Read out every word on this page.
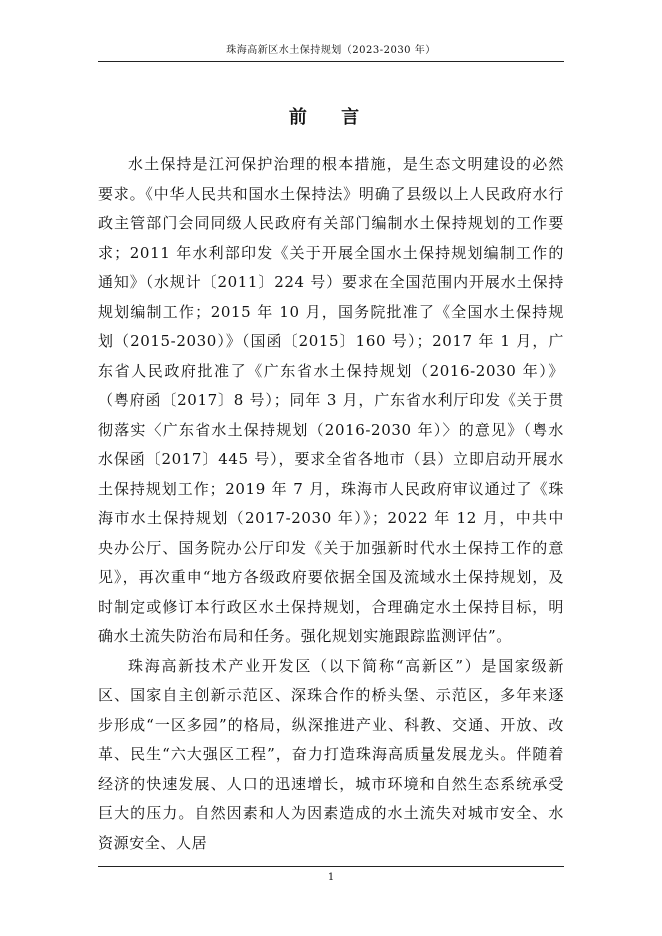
珠海高新区水土保持规划（2023-2030 年）
前 言

水土保持是江河保护治理的根本措施，是生态文明建设的必然要求。《中华人民共和国水土保持法》明确了县级以上人民政府水行政主管部门会同同级人民政府有关部门编制水土保持规划的工作要求；2011 年水利部印发《关于开展全国水土保持规划编制工作的通知》（水规计〔2011〕224 号）要求在全国范围内开展水土保持规划编制工作；2015 年 10 月，国务院批准了《全国水土保持规划（2015-2030）》（国函〔2015〕160 号）；2017 年 1 月，广东省人民政府批准了《广东省水土保持规划（2016-2030 年）》（粤府函〔2017〕8 号）；同年 3 月，广东省水利厅印发《关于贯彻落实〈广东省水土保持规划（2016-2030 年）〉的意见》（粤水水保函〔2017〕445 号），要求全省各地市（县）立即启动开展水土保持规划工作；2019 年 7 月，珠海市人民政府审议通过了《珠海市水土保持规划（2017-2030 年）》；2022 年 12 月，中共中央办公厅、国务院办公厅印发《关于加强新时代水土保持工作的意见》，再次重申“地方各级政府要依据全国及流域水土保持规划，及时制定或修订本行政区水土保持规划，合理确定水土保持目标，明确水土流失防治布局和任务。强化规划实施跟踪监测评估”。

珠海高新技术产业开发区（以下简称“高新区”）是国家级新区、国家自主创新示范区、深珠合作的桥头堡、示范区，多年来逐步形成“一区多园”的格局，纵深推进产业、科教、交通、开放、改革、民生“六大强区工程”，奋力打造珠海高质量发展龙头。伴随着经济的快速发展、人口的迅速增长，城市环境和自然生态系统承受巨大的压力。自然因素和人为因素造成的水土流失对城市安全、水资源安全、人居

1
